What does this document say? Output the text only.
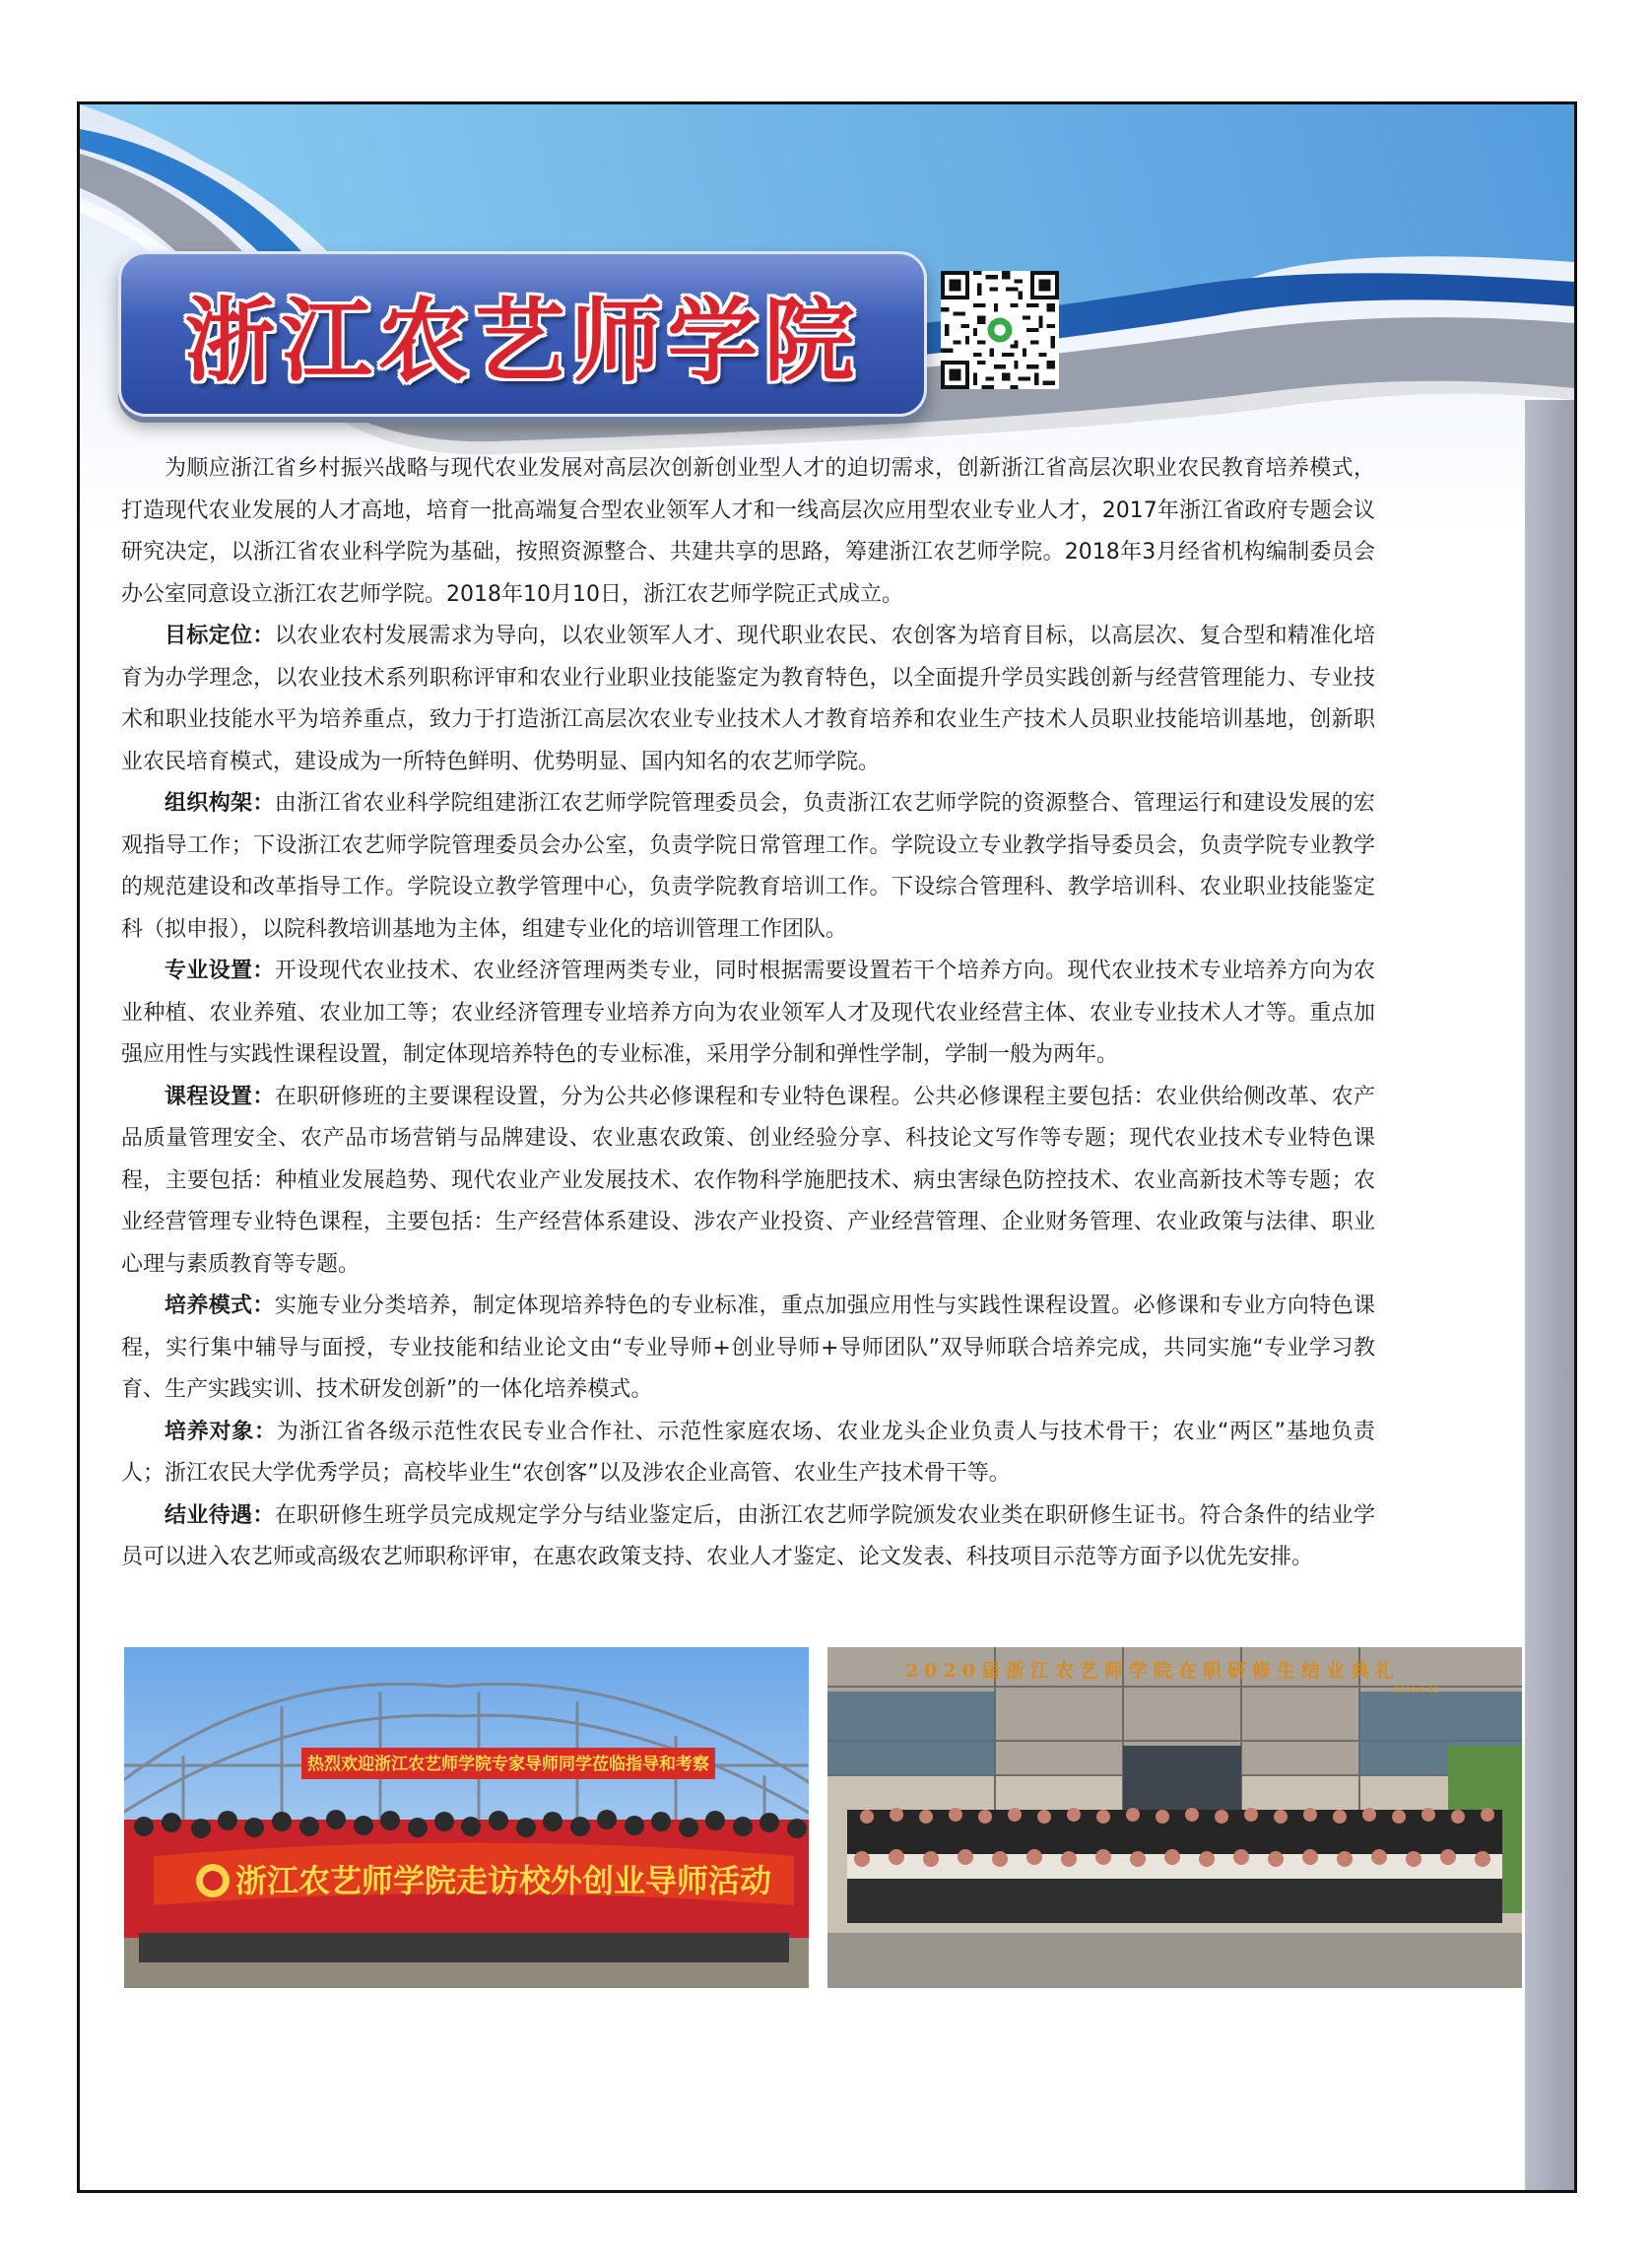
浙江农艺师学院

为顺应浙江省乡村振兴战略与现代农业发展对高层次创新创业型人才的迫切需求，创新浙江省高层次职业农民教育培养模式，打造现代农业发展的人才高地，培育一批高端复合型农业领军人才和一线高层次应用型农业专业人才，2017年浙江省政府专题会议研究决定，以浙江省农业科学院为基础，按照资源整合、共建共享的思路，筹建浙江农艺师学院。2018年3月经省机构编制委员会办公室同意设立浙江农艺师学院。2018年10月10日，浙江农艺师学院正式成立。

目标定位：以农业农村发展需求为导向，以农业领军人才、现代职业农民、农创客为培育目标，以高层次、复合型和精准化培育为办学理念，以农业技术系列职称评审和农业行业职业技能鉴定为教育特色，以全面提升学员实践创新与经营管理能力、专业技术和职业技能水平为培养重点，致力于打造浙江高层次农业专业技术人才教育培养和农业生产技术人员职业技能培训基地，创新职业农民培育模式，建设成为一所特色鲜明、优势明显、国内知名的农艺师学院。

组织构架：由浙江省农业科学院组建浙江农艺师学院管理委员会，负责浙江农艺师学院的资源整合、管理运行和建设发展的宏观指导工作；下设浙江农艺师学院管理委员会办公室，负责学院日常管理工作。学院设立专业教学指导委员会，负责学院专业教学的规范建设和改革指导工作。学院设立教学管理中心，负责学院教育培训工作。下设综合管理科、教学培训科、农业职业技能鉴定科（拟申报），以院科教培训基地为主体，组建专业化的培训管理工作团队。

专业设置：开设现代农业技术、农业经济管理两类专业，同时根据需要设置若干个培养方向。现代农业技术专业培养方向为农业种植、农业养殖、农业加工等；农业经济管理专业培养方向为农业领军人才及现代农业经营主体、农业专业技术人才等。重点加强应用性与实践性课程设置，制定体现培养特色的专业标准，采用学分制和弹性学制，学制一般为两年。

课程设置：在职研修班的主要课程设置，分为公共必修课程和专业特色课程。公共必修课程主要包括：农业供给侧改革、农产品质量管理安全、农产品市场营销与品牌建设、农业惠农政策、创业经验分享、科技论文写作等专题；现代农业技术专业特色课程，主要包括：种植业发展趋势、现代农业产业发展技术、农作物科学施肥技术、病虫害绿色防控技术、农业高新技术等专题；农业经营管理专业特色课程，主要包括：生产经营体系建设、涉农产业投资、产业经营管理、企业财务管理、农业政策与法律、职业心理与素质教育等专题。

培养模式：实施专业分类培养，制定体现培养特色的专业标准，重点加强应用性与实践性课程设置。必修课和专业方向特色课程，实行集中辅导与面授，专业技能和结业论文由“专业导师+创业导师+导师团队”双导师联合培养完成，共同实施“专业学习教育、生产实践实训、技术研发创新”的一体化培养模式。

培养对象：为浙江省各级示范性农民专业合作社、示范性家庭农场、农业龙头企业负责人与技术骨干；农业“两区”基地负责人；浙江农民大学优秀学员；高校毕业生“农创客”以及涉农企业高管、农业生产技术骨干等。

结业待遇：在职研修生班学员完成规定学分与结业鉴定后，由浙江农艺师学院颁发农业类在职研修生证书。符合条件的结业学员可以进入农艺师或高级农艺师职称评审，在惠农政策支持、农业人才鉴定、论文发表、科技项目示范等方面予以优先安排。

热烈欢迎浙江农艺师学院专家导师同学莅临指导和考察
浙江农艺师学院走访校外创业导师活动
2020届浙江农艺师学院在职研修生结业典礼
2020.6.22
